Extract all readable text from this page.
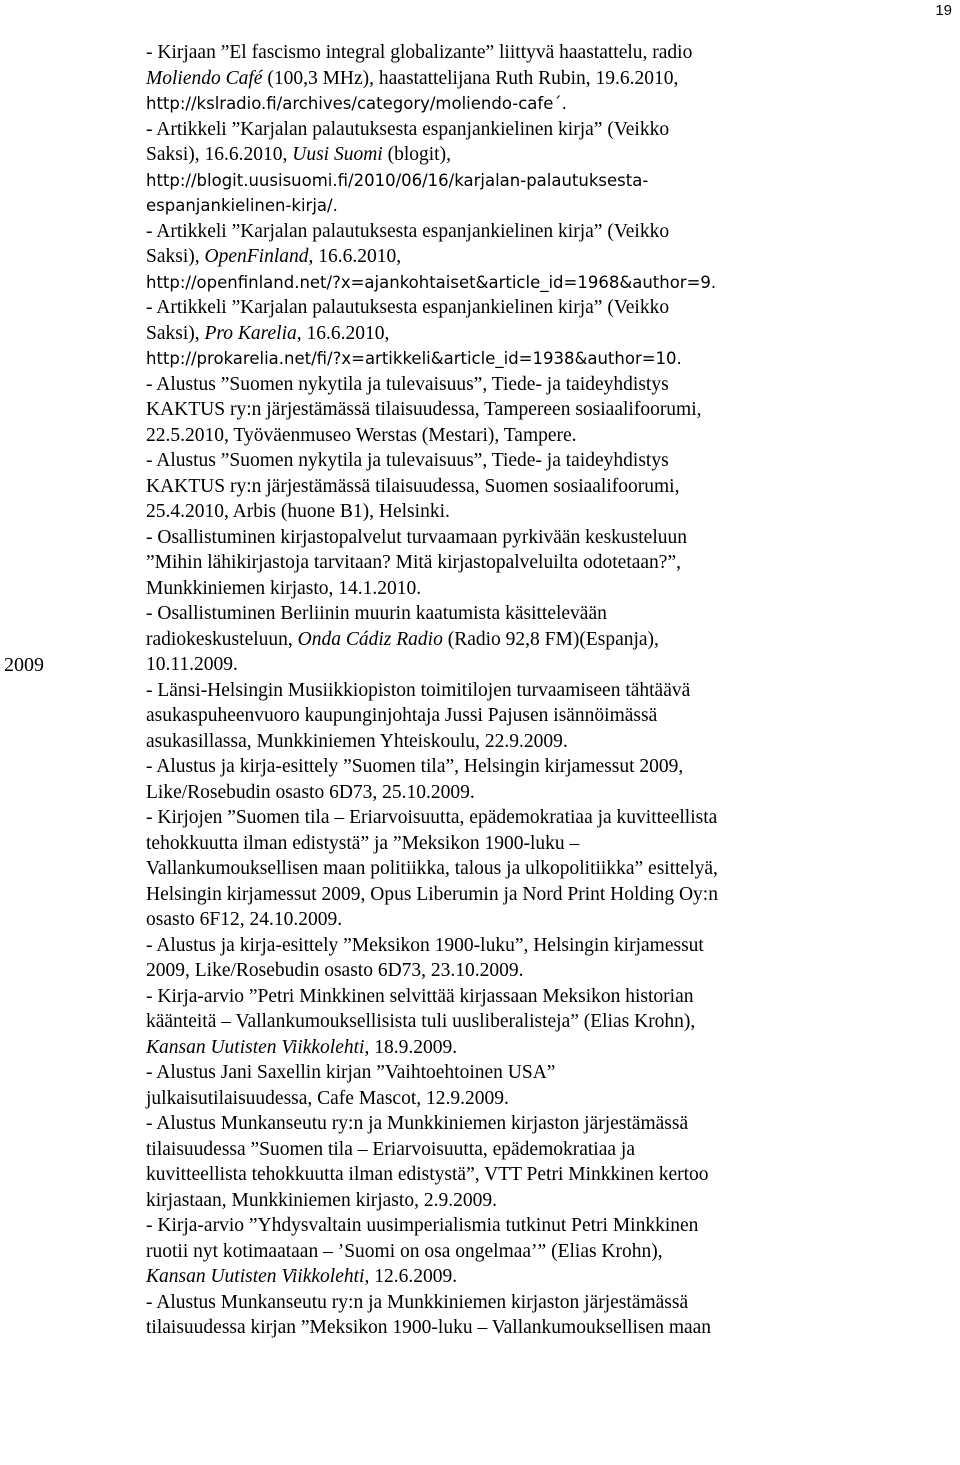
19
2009

- Kirjaan ”El fascismo integral globalizante” liittyvä haastattelu, radio
Moliendo Café (100,3 MHz), haastattelijana Ruth Rubin, 19.6.2010,
http://kslradio.fi/archives/category/moliendo-cafe´.

- Artikkeli ”Karjalan palautuksesta espanjankielinen kirja” (Veikko
Saksi), 16.6.2010, Uusi Suomi (blogit),
http://blogit.uusisuomi.fi/2010/06/16/karjalan-palautuksesta-
espanjankielinen-kirja/.

- Artikkeli ”Karjalan palautuksesta espanjankielinen kirja” (Veikko
Saksi), OpenFinland, 16.6.2010,
http://openfinland.net/?x=ajankohtaiset&article_id=1968&author=9.

- Artikkeli ”Karjalan palautuksesta espanjankielinen kirja” (Veikko
Saksi), Pro Karelia, 16.6.2010,
http://prokarelia.net/fi/?x=artikkeli&article_id=1938&author=10.

- Alustus ”Suomen nykytila ja tulevaisuus”, Tiede- ja taideyhdistys
KAKTUS ry:n järjestämässä tilaisuudessa, Tampereen sosiaalifoorumi,
22.5.2010, Työväenmuseo Werstas (Mestari), Tampere.

- Alustus ”Suomen nykytila ja tulevaisuus”, Tiede- ja taideyhdistys
KAKTUS ry:n järjestämässä tilaisuudessa, Suomen sosiaalifoorumi,
25.4.2010, Arbis (huone B1), Helsinki.

- Osallistuminen kirjastopalvelut turvaamaan pyrkivään keskusteluun
”Mihin lähikirjastoja tarvitaan? Mitä kirjastopalveluilta odotetaan?”,
Munkkiniemen kirjasto, 14.1.2010.

- Osallistuminen Berliinin muurin kaatumista käsittelevään
radiokeskusteluun, Onda Cádiz Radio (Radio 92,8 FM)(Espanja),
10.11.2009.

- Länsi-Helsingin Musiikkiopiston toimitilojen turvaamiseen tähtäävä
asukaspuheenvuoro kaupunginjohtaja Jussi Pajusen isännöimässä
asukasillassa, Munkkiniemen Yhteiskoulu, 22.9.2009.

- Alustus ja kirja-esittely ”Suomen tila”, Helsingin kirjamessut 2009,
Like/Rosebudin osasto 6D73, 25.10.2009.

- Kirjojen ”Suomen tila – Eriarvoisuutta, epädemokratiaa ja kuvitteellista
tehokkuutta ilman edistystä” ja ”Meksikon 1900-luku –
Vallankumouksellisen maan politiikka, talous ja ulkopolitiikka” esittelyä,
Helsingin kirjamessut 2009, Opus Liberumin ja Nord Print Holding Oy:n
osasto 6F12, 24.10.2009.

- Alustus ja kirja-esittely ”Meksikon 1900-luku”, Helsingin kirjamessut
2009, Like/Rosebudin osasto 6D73, 23.10.2009.

- Kirja-arvio ”Petri Minkkinen selvittää kirjassaan Meksikon historian
käänteitä – Vallankumouksellisista tuli uusliberalisteja” (Elias Krohn),
Kansan Uutisten Viikkolehti, 18.9.2009.

- Alustus Jani Saxellin kirjan ”Vaihtoehtoinen USA”
julkaisutilaisuudessa, Cafe Mascot, 12.9.2009.

- Alustus Munkanseutu ry:n ja Munkkiniemen kirjaston järjestämässä
tilaisuudessa ”Suomen tila – Eriarvoisuutta, epädemokratiaa ja
kuvitteellista tehokkuutta ilman edistystä”, VTT Petri Minkkinen kertoo
kirjastaan, Munkkiniemen kirjasto, 2.9.2009.

- Kirja-arvio ”Yhdysvaltain uusimperialismia tutkinut Petri Minkkinen
ruotii nyt kotimaataan – ’Suomi on osa ongelmaa’” (Elias Krohn),
Kansan Uutisten Viikkolehti, 12.6.2009.

- Alustus Munkanseutu ry:n ja Munkkiniemen kirjaston järjestämässä
tilaisuudessa kirjan ”Meksikon 1900-luku – Vallankumouksellisen maan
